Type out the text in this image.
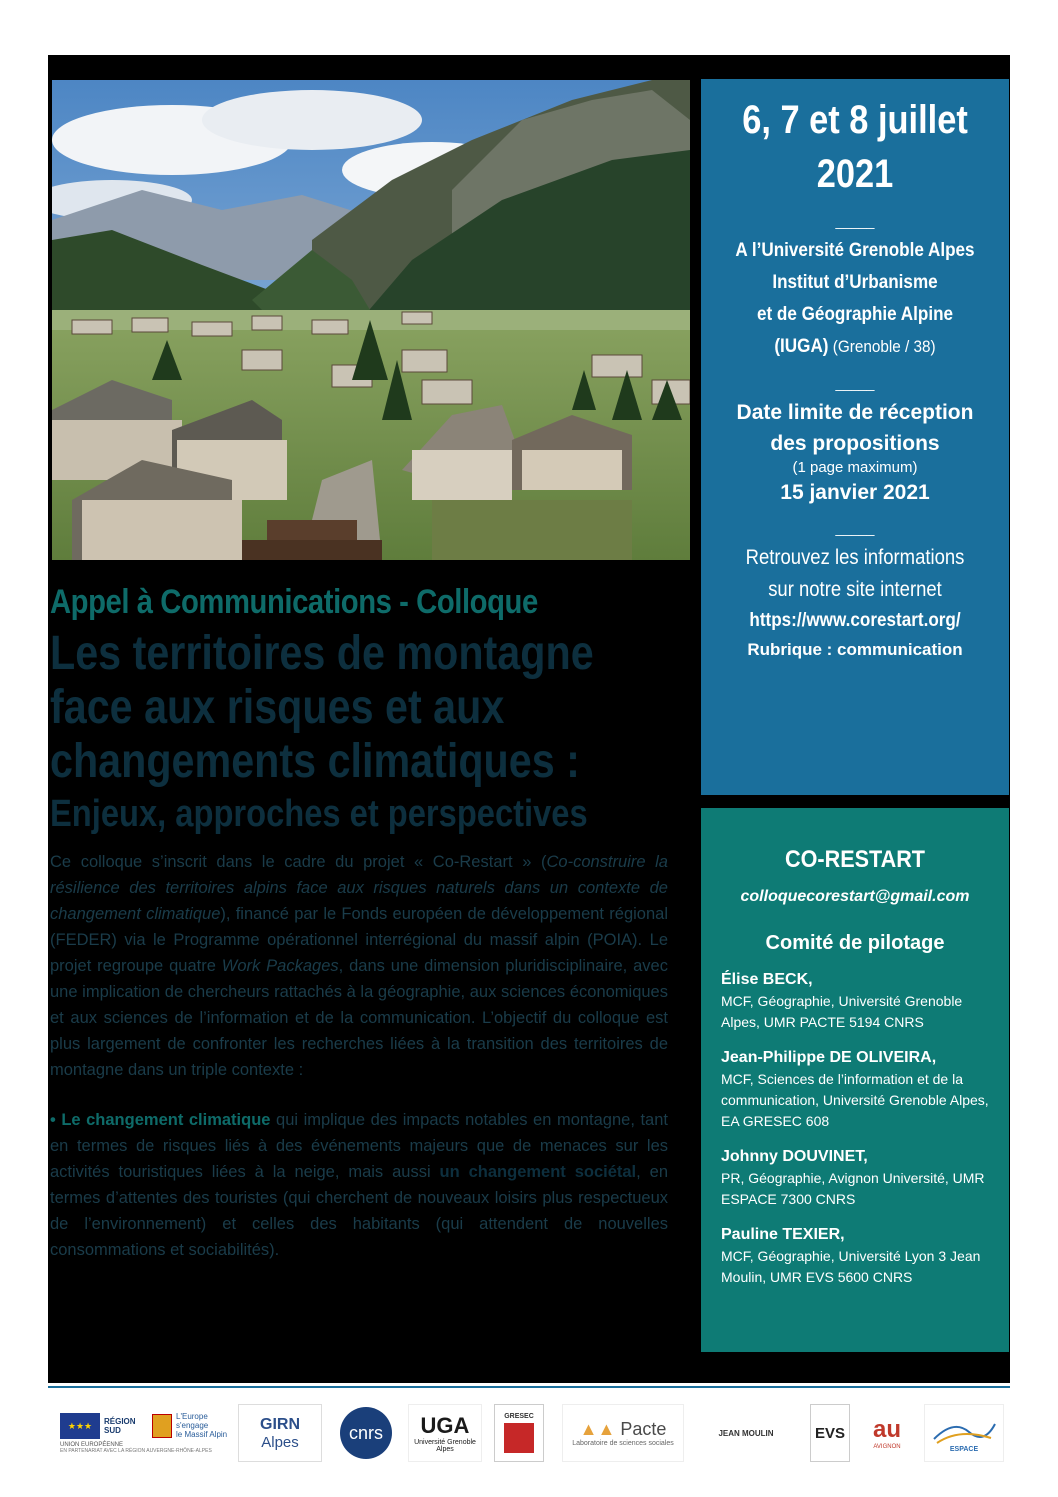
Appel à Communications - Colloque
Les territoires de montagne
face aux risques et aux
changements climatiques :
Enjeux, approches et perspectives

Ce colloque s’inscrit dans le cadre du projet « Co-Restart » (Co-construire la résilience des territoires alpins face aux risques naturels dans un contexte de changement climatique), financé par le Fonds européen de développement régional (FEDER) via le Programme opérationnel interrégional du massif alpin (POIA). Le projet regroupe quatre Work Packages, dans une dimension pluridisciplinaire, avec une implication de chercheurs rattachés à la géographie, aux sciences économiques et aux sciences de l’information et de la communication. L’objectif du colloque est plus largement de confronter les recherches liées à la transition des territoires de montagne dans un triple contexte :

• Le changement climatique qui implique des impacts notables en montagne, tant en termes de risques liés à des événements majeurs que de menaces sur les activités touristiques liées à la neige, mais aussi un changement sociétal, en termes d’attentes des touristes (qui cherchent de nouveaux loisirs plus respectueux de l’environnement) et celles des habitants (qui attendent de nouvelles consommations et sociabilités).

6, 7 et 8 juillet
2021
_____
A l’Université Grenoble Alpes
Institut d’Urbanisme
et de Géographie Alpine
(IUGA) (Grenoble / 38)
_____
Date limite de réception
des propositions
(1 page maximum)
15 janvier 2021
_____
Retrouvez les informations
sur notre site internet
https://www.corestart.org/
Rubrique : communication
CO-RESTART
colloquecorestart@gmail.com
Comité de pilotage
Élise BECK,
MCF, Géographie, Université Grenoble Alpes, UMR PACTE 5194 CNRS
Jean-Philippe DE OLIVEIRA,
MCF, Sciences de l’information et de la communication, Université Grenoble Alpes, EA GRESEC 608
Johnny DOUVINET,
PR, Géographie, Avignon Université, UMR ESPACE 7300 CNRS
Pauline TEXIER,
MCF, Géographie, Université Lyon 3 Jean Moulin, UMR EVS 5600 CNRS
★★★	RÉGION SUD
L'Europe s'engage
le Massif Alpin
UNION EUROPÉENNE
EN PARTENARIAT AVEC LA RÉGION AUVERGNE-RHÔNE-ALPES
GIRN
Alpes	cnrs	UGA
Université Grenoble Alpes
GRESEC
▲▲ Pacte
Laboratoire de sciences sociales
JEAN MOULIN	EVS au
AVIGNON	ESPACE
